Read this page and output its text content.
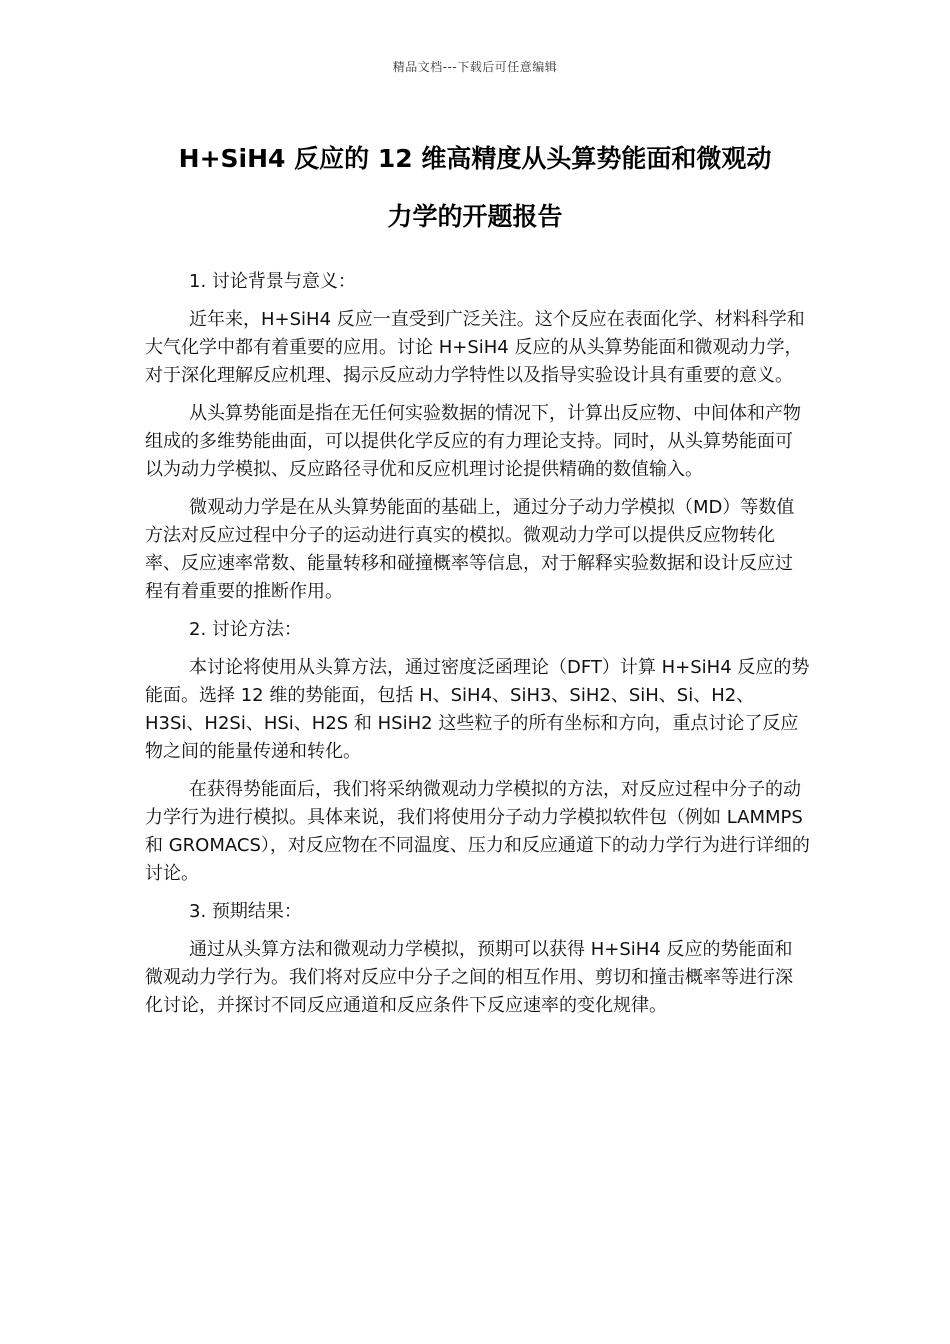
精品文档---下载后可任意编辑
H+SiH4 反应的 12 维高精度从头算势能面和微观动
力学的开题报告

1. 讨论背景与意义：

近年来，H+SiH4 反应一直受到广泛关注。这个反应在表面化学、材料科学和大气化学中都有着重要的应用。讨论 H+SiH4 反应的从头算势能面和微观动力学，对于深化理解反应机理、揭示反应动力学特性以及指导实验设计具有重要的意义。

从头算势能面是指在无任何实验数据的情况下，计算出反应物、中间体和产物组成的多维势能曲面，可以提供化学反应的有力理论支持。同时，从头算势能面可以为动力学模拟、反应路径寻优和反应机理讨论提供精确的数值输入。

微观动力学是在从头算势能面的基础上，通过分子动力学模拟（MD）等数值方法对反应过程中分子的运动进行真实的模拟。微观动力学可以提供反应物转化率、反应速率常数、能量转移和碰撞概率等信息，对于解释实验数据和设计反应过程有着重要的推断作用。

2. 讨论方法：

本讨论将使用从头算方法，通过密度泛函理论（DFT）计算 H+SiH4 反应的势能面。选择 12 维的势能面，包括 H、SiH4、SiH3、SiH2、SiH、Si、H2、H3Si、H2Si、HSi、H2S 和 HSiH2 这些粒子的所有坐标和方向，重点讨论了反应物之间的能量传递和转化。

在获得势能面后，我们将采纳微观动力学模拟的方法，对反应过程中分子的动力学行为进行模拟。具体来说，我们将使用分子动力学模拟软件包（例如 LAMMPS 和 GROMACS），对反应物在不同温度、压力和反应通道下的动力学行为进行详细的讨论。

3. 预期结果：

通过从头算方法和微观动力学模拟，预期可以获得 H+SiH4 反应的势能面和微观动力学行为。我们将对反应中分子之间的相互作用、剪切和撞击概率等进行深化讨论，并探讨不同反应通道和反应条件下反应速率的变化规律。
